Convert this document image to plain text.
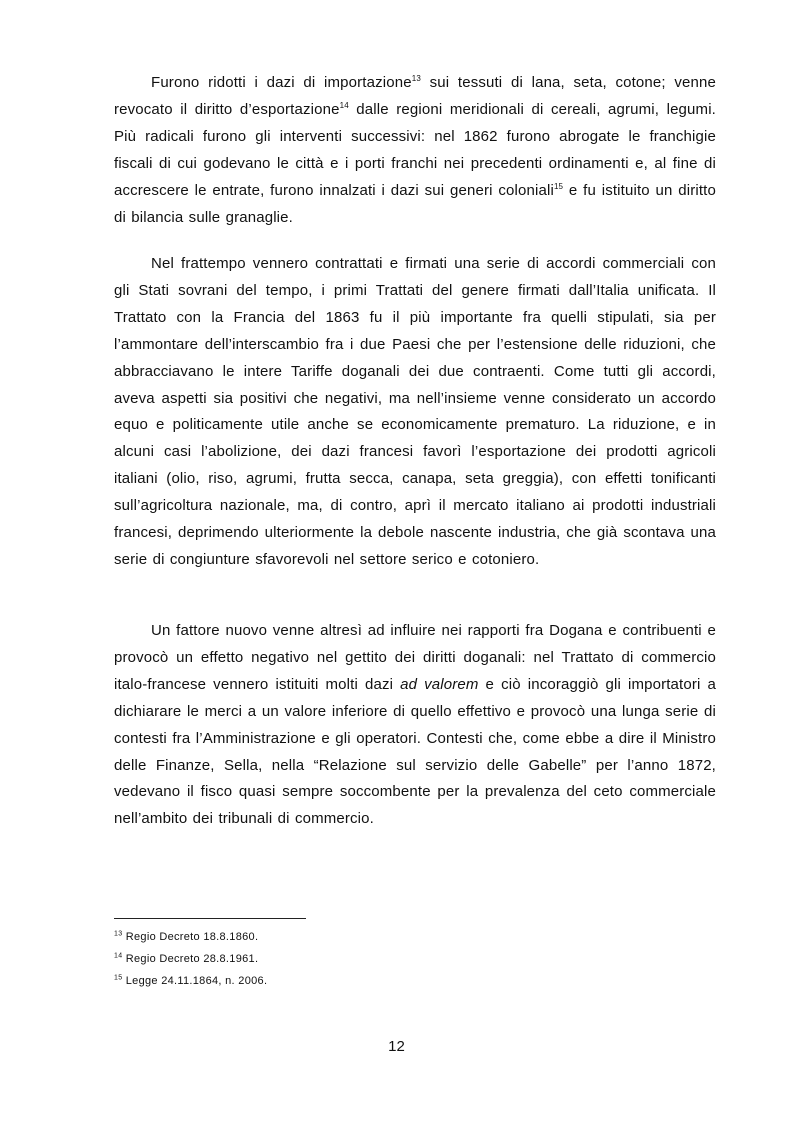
Furono ridotti i dazi di importazione$^{13}$ sui tessuti di lana, seta, cotone; venne revocato il diritto d’esportazione$^{14}$ dalle regioni meridionali di cereali, agrumi, legumi. Più radicali furono gli interventi successivi: nel 1862 furono abrogate le franchigie fiscali di cui godevano le città e i porti franchi nei precedenti ordinamenti e, al fine di accrescere le entrate, furono innalzati i dazi sui generi coloniali$^{15}$ e fu istituito un diritto di bilancia sulle granaglie.

Nel frattempo vennero contrattati e firmati una serie di accordi commerciali con gli Stati sovrani del tempo, i primi Trattati del genere firmati dall’Italia unificata. Il Trattato con la Francia del 1863 fu il più importante fra quelli stipulati, sia per l’ammontare dell’interscambio fra i due Paesi che per l’estensione delle riduzioni, che abbracciavano le intere Tariffe doganali dei due contraenti. Come tutti gli accordi, aveva aspetti sia positivi che negativi, ma nell’insieme venne considerato un accordo equo e politicamente utile anche se economicamente prematuro. La riduzione, e in alcuni casi l’abolizione, dei dazi francesi favorì l’esportazione dei prodotti agricoli italiani (olio, riso, agrumi, frutta secca, canapa, seta greggia), con effetti tonificanti sull’agricoltura nazionale, ma, di contro, aprì il mercato italiano ai prodotti industriali francesi, deprimendo ulteriormente la debole nascente industria, che già scontava una serie di congiunture sfavorevoli nel settore serico e cotoniero.

Un fattore nuovo venne altresì ad influire nei rapporti fra Dogana e contribuenti e provocò un effetto negativo nel gettito dei diritti doganali: nel Trattato di commercio italo-francese vennero istituiti molti dazi ad valorem e ciò incoraggiò gli importatori a dichiarare le merci a un valore inferiore di quello effettivo e provocò una lunga serie di contesti fra l’Amministrazione e gli operatori. Contesti che, come ebbe a dire il Ministro delle Finanze, Sella, nella “Relazione sul servizio delle Gabelle” per l’anno 1872, vedevano il fisco quasi sempre soccombente per la prevalenza del ceto commerciale nell’ambito dei tribunali di commercio.

$^{13}$ Regio Decreto 18.8.1860.
$^{14}$ Regio Decreto 28.8.1961.
$^{15}$ Legge 24.11.1864, n. 2006.
12
